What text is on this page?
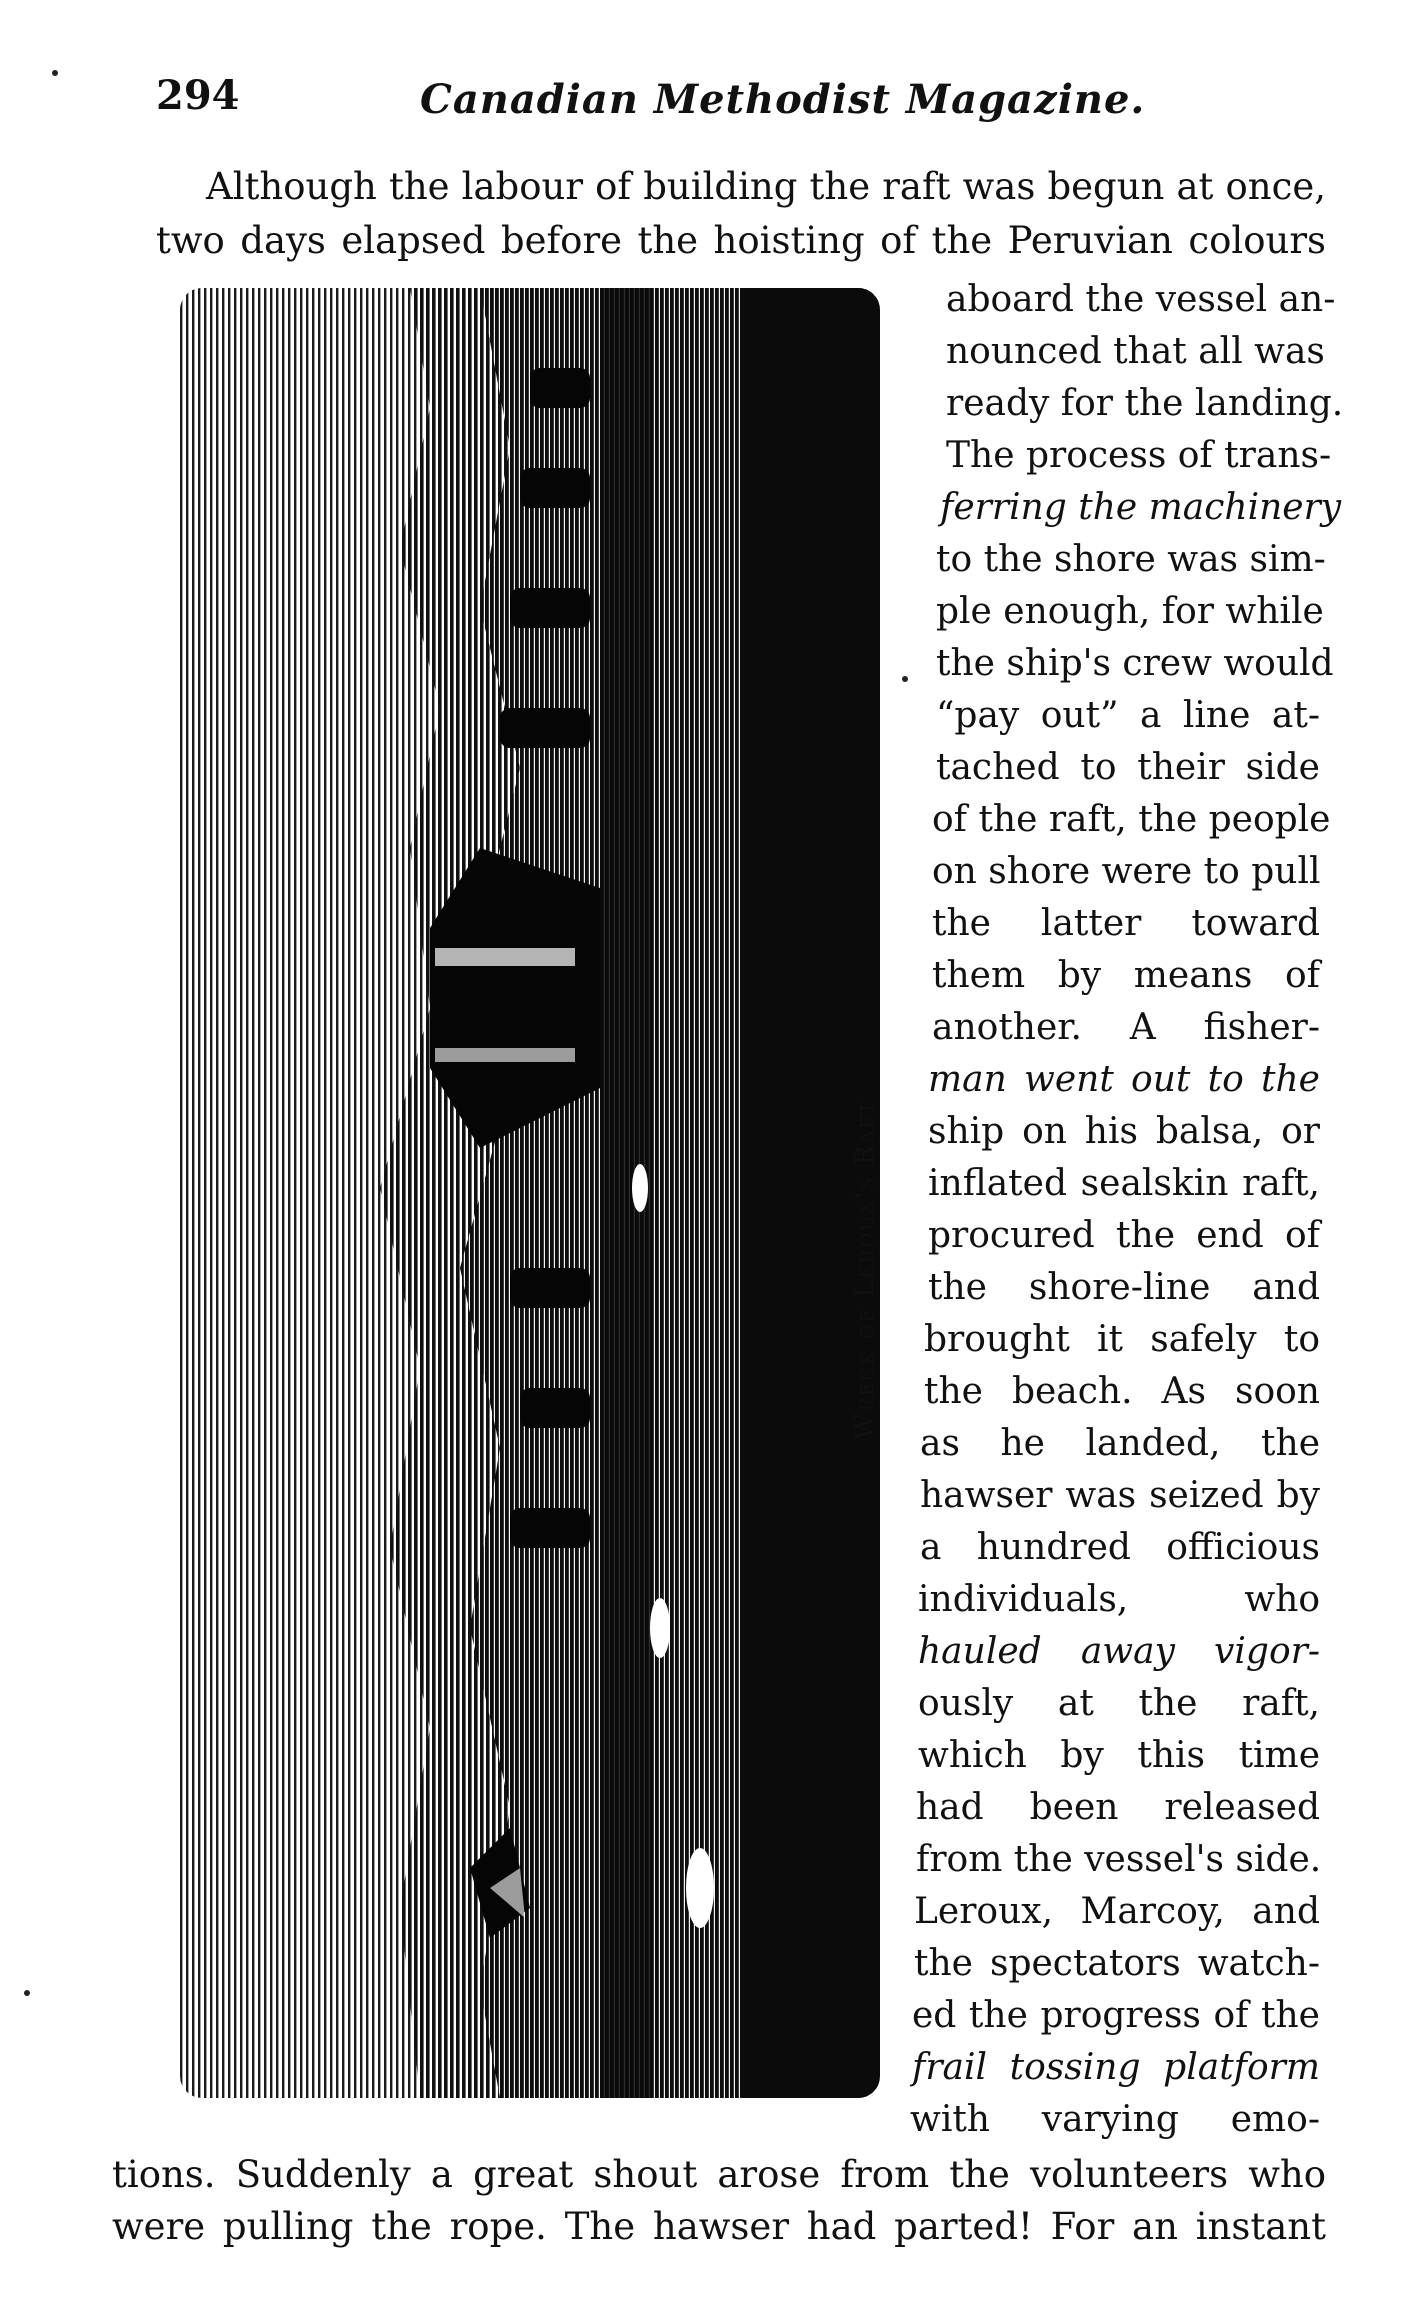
294	Canadian Methodist Magazine.
Although the labour of building the raft was begun at once,
two days elapsed before the hoisting of the Peruvian colours
Wreck of Leroux's Raft.
aboard the vessel an-
nounced that all was
ready for the landing.
The process of trans-
ferring the machinery
to the shore was sim-
ple enough, for while
the ship's crew would
“pay out” a line at-
tached to their side
of the raft, the people
on shore were to pull
the latter toward
them by means of
another. A fisher-
man went out to the
ship on his balsa, or
inflated sealskin raft,
procured the end of
the shore-line and
brought it safely to
the beach. As soon
as he landed, the
hawser was seized by
a hundred officious
individuals, who
hauled away vigor-
ously at the raft,
which by this time
had been released
from the vessel's side.
Leroux, Marcoy, and
the spectators watch-
ed the progress of the
frail tossing platform
with varying emo-
tions. Suddenly a great shout arose from the volunteers who
were pulling the rope. The hawser had parted! For an instant
